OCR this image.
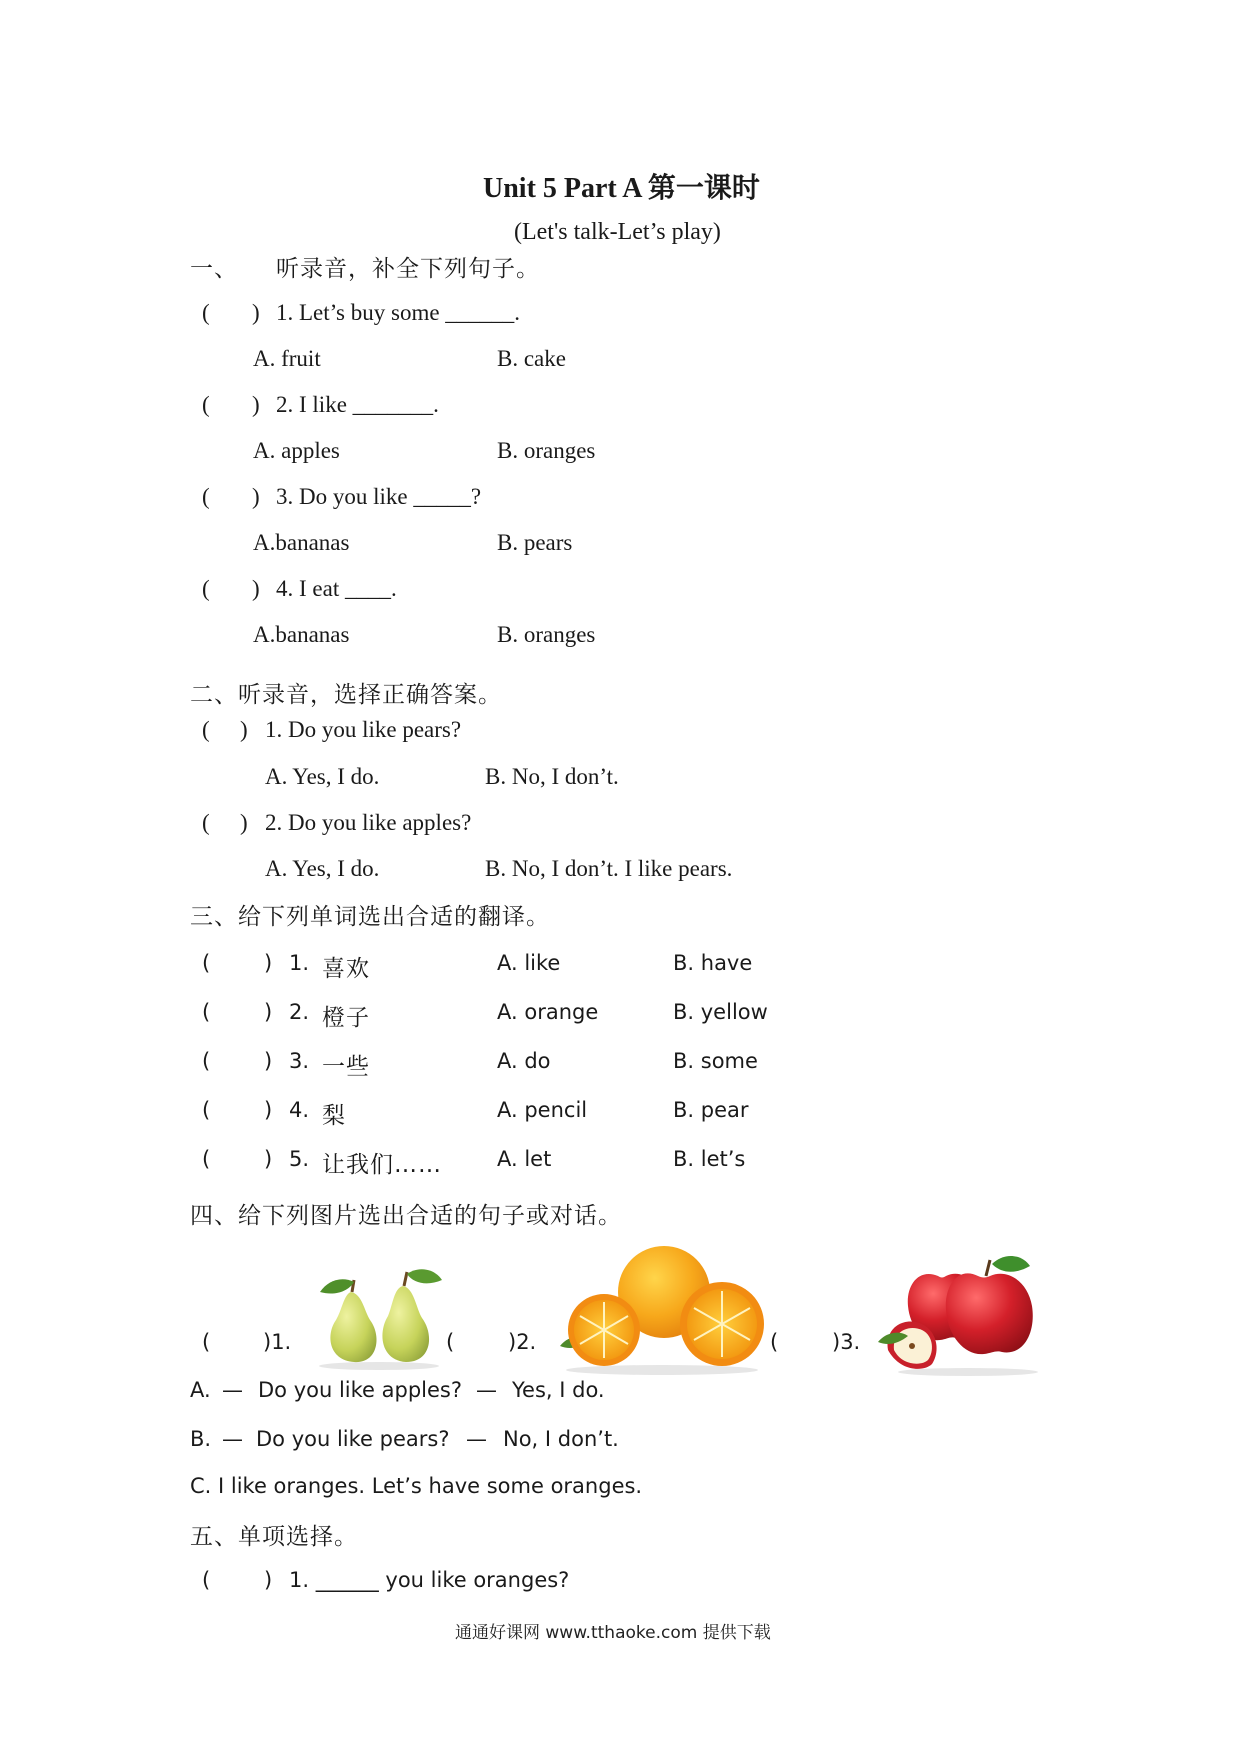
Unit 5 Part A 第一课时
(Let's talk-Let’s play)
一、 听录音，补全下列句子。
( ) 1. Let’s buy some ______.
A. fruit	B. cake
( ) 2. I like _______.
A. apples	B. oranges
( ) 3. Do you like _____?
A.bananas	B. pears
( ) 4. I eat ____.
A.bananas	B. oranges
二、听录音，选择正确答案。
( ) 1. Do you like pears?
A. Yes, I do.	B. No, I don’t.
( ) 2. Do you like apples?
A. Yes, I do.	B. No, I don’t. I like pears.
三、给下列单词选出合适的翻译。
(	) 1. 喜欢	A. like	B. have
(	) 2. 橙子	A. orange	B. yellow
(	) 3. 一些	A. do	B. some
(	) 4. 梨	A. pencil	B. pear
(	) 5. 让我们……	A. let	B. let’s
四、给下列图片选出合适的句子或对话。
(	)1.	(	)2.	(	)3.
A. — Do you like apples? — Yes, I do.
B. — Do you like pears? — No, I don’t.
C. I like oranges. Let’s have some oranges.
五、单项选择。
(	) 1. ______ you like oranges?
通通好课网 www.tthaoke.com 提供下载
